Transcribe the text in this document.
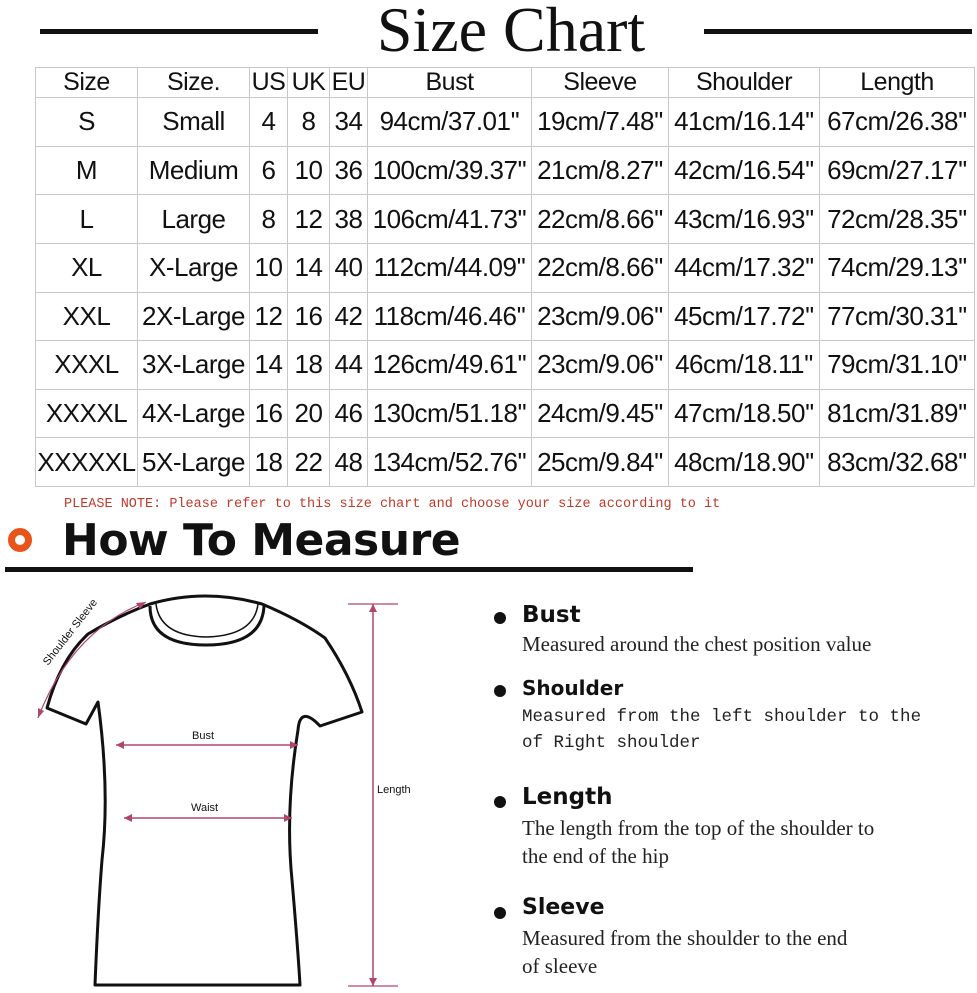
Size Chart
Size	Size.	US	UK	EU	Bust	Sleeve	Shoulder	Length
S	Small	4	8	34	94cm/37.01''	19cm/7.48''	41cm/16.14''	67cm/26.38''
M	Medium	6	10	36	100cm/39.37''	21cm/8.27''	42cm/16.54''	69cm/27.17''
L	Large	8	12	38	106cm/41.73''	22cm/8.66''	43cm/16.93''	72cm/28.35''
XL	X-Large	10	14	40	112cm/44.09''	22cm/8.66''	44cm/17.32''	74cm/29.13''
XXL	2X-Large	12	16	42	118cm/46.46''	23cm/9.06''	45cm/17.72''	77cm/30.31''
XXXL	3X-Large	14	18	44	126cm/49.61''	23cm/9.06''	46cm/18.11''	79cm/31.10''
XXXXL	4X-Large	16	20	46	130cm/51.18''	24cm/9.45''	47cm/18.50''	81cm/31.89''
XXXXXL	5X-Large	18	22	48	134cm/52.76''	25cm/9.84''	48cm/18.90''	83cm/32.68''
PLEASE NOTE: Please refer to this size chart and choose your size according to it
How To Measure
Shoulder Sleeve
Bust
Waist
Length
Bust
Measured around the chest position value
Shoulder
Measured from the left shoulder to the
of Right shoulder
Length
The length from the top of the shoulder to
the end of the hip
Sleeve
Measured from the shoulder to the end
of sleeve
